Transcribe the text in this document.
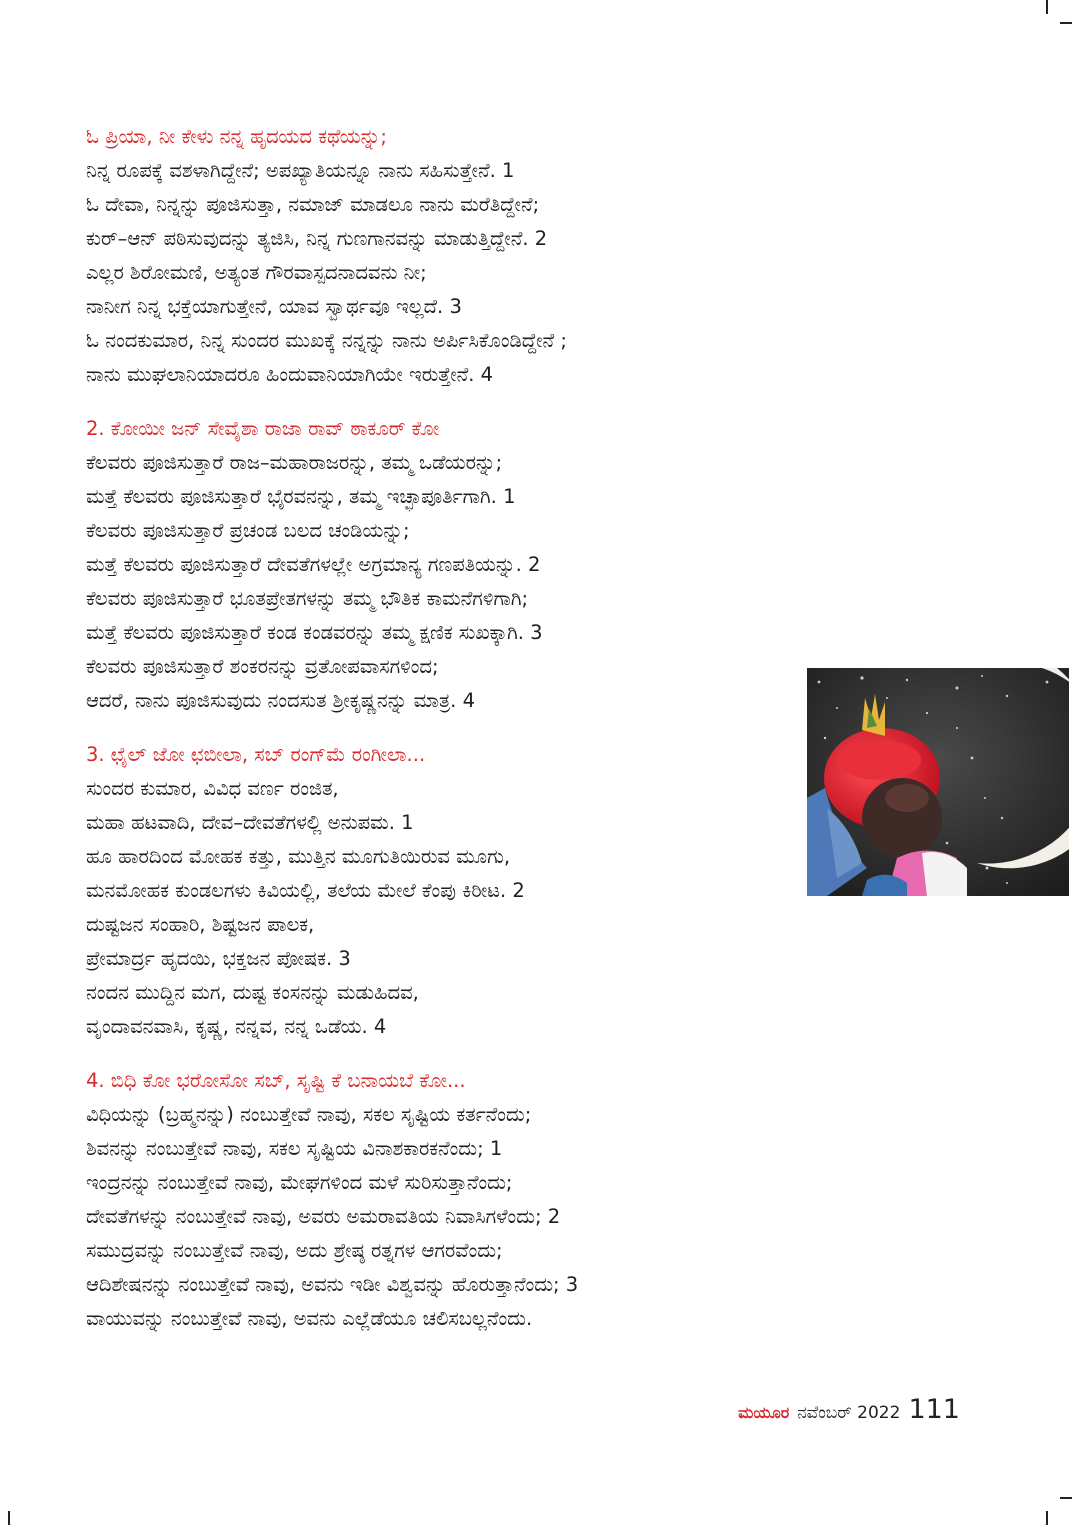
ಓ ಪ್ರಿಯಾ, ನೀ ಕೇಳು ನನ್ನ ಹೃದಯದ ಕಥೆಯನ್ನು;
ನಿನ್ನ ರೂಪಕ್ಕೆ ವಶಳಾಗಿದ್ದೇನೆ; ಅಪಖ್ಯಾತಿಯನ್ನೂ ನಾನು ಸಹಿಸುತ್ತೇನೆ. 1
ಓ ದೇವಾ, ನಿನ್ನನ್ನು ಪೂಜಿಸುತ್ತಾ, ನಮಾಜ್ ಮಾಡಲೂ ನಾನು ಮರೆತಿದ್ದೇನೆ;
ಕುರ್–ಆನ್ ಪಠಿಸುವುದನ್ನು ತ್ಯಜಿಸಿ, ನಿನ್ನ ಗುಣಗಾನವನ್ನು ಮಾಡುತ್ತಿದ್ದೇನೆ. 2
ಎಲ್ಲರ ಶಿರೋಮಣಿ, ಅತ್ಯಂತ ಗೌರವಾಸ್ಪದನಾದವನು ನೀ;
ನಾನೀಗ ನಿನ್ನ ಭಕ್ತೆಯಾಗುತ್ತೇನೆ, ಯಾವ ಸ್ವಾರ್ಥವೂ ಇಲ್ಲದೆ. 3
ಓ ನಂದಕುಮಾರ, ನಿನ್ನ ಸುಂದರ ಮುಖಕ್ಕೆ ನನ್ನನ್ನು ನಾನು ಅರ್ಪಿಸಿಕೊಂಡಿದ್ದೇನೆ ;
ನಾನು ಮುಘಲಾನಿಯಾದರೂ ಹಿಂದುವಾನಿಯಾಗಿಯೇ ಇರುತ್ತೇನೆ. 4
2. ಕೋಯೀ ಜನ್ ಸೇವೈಶಾ ರಾಜಾ ರಾವ್ ಠಾಕೂರ್ ಕೋ
ಕೆಲವರು ಪೂಜಿಸುತ್ತಾರೆ ರಾಜ–ಮಹಾರಾಜರನ್ನು, ತಮ್ಮ ಒಡೆಯರನ್ನು;
ಮತ್ತೆ ಕೆಲವರು ಪೂಜಿಸುತ್ತಾರೆ ಭೈರವನನ್ನು, ತಮ್ಮ ಇಚ್ಛಾಪೂರ್ತಿಗಾಗಿ. 1
ಕೆಲವರು ಪೂಜಿಸುತ್ತಾರೆ ಪ್ರಚಂಡ ಬಲದ ಚಂಡಿಯನ್ನು;
ಮತ್ತೆ ಕೆಲವರು ಪೂಜಿಸುತ್ತಾರೆ ದೇವತೆಗಳಲ್ಲೇ ಅಗ್ರಮಾನ್ಯ ಗಣಪತಿಯನ್ನು. 2
ಕೆಲವರು ಪೂಜಿಸುತ್ತಾರೆ ಭೂತಪ್ರೇತಗಳನ್ನು ತಮ್ಮ ಭೌತಿಕ ಕಾಮನೆಗಳಿಗಾಗಿ;
ಮತ್ತೆ ಕೆಲವರು ಪೂಜಿಸುತ್ತಾರೆ ಕಂಡ ಕಂಡವರನ್ನು ತಮ್ಮ ಕ್ಷಣಿಕ ಸುಖಕ್ಕಾಗಿ. 3
ಕೆಲವರು ಪೂಜಿಸುತ್ತಾರೆ ಶಂಕರನನ್ನು ವ್ರತೋಪವಾಸಗಳಿಂದ;
ಆದರೆ, ನಾನು ಪೂಜಿಸುವುದು ನಂದಸುತ ಶ್ರೀಕೃಷ್ಣನನ್ನು ಮಾತ್ರ. 4
3. ಛೈಲ್ ಜೋ ಛಬೀಲಾ, ಸಬ್ ರಂಗ್‌ಮೆ ರಂಗೀಲಾ...
ಸುಂದರ ಕುಮಾರ, ವಿವಿಧ ವರ್ಣ ರಂಜಿತ,
ಮಹಾ ಹಟವಾದಿ, ದೇವ–ದೇವತೆಗಳಲ್ಲಿ ಅನುಪಮ. 1
ಹೂ ಹಾರದಿಂದ ಮೋಹಕ ಕತ್ತು, ಮುತ್ತಿನ ಮೂಗುತಿಯಿರುವ ಮೂಗು,
ಮನಮೋಹಕ ಕುಂಡಲಗಳು ಕಿವಿಯಲ್ಲಿ, ತಲೆಯ ಮೇಲೆ ಕೆಂಪು ಕಿರೀಟ. 2
ದುಷ್ಟಜನ ಸಂಹಾರಿ, ಶಿಷ್ಟಜನ ಪಾಲಕ,
ಪ್ರೇಮಾರ್ದ್ರ ಹೃದಯಿ, ಭಕ್ತಜನ ಪೋಷಕ. 3
ನಂದನ ಮುದ್ದಿನ ಮಗ, ದುಷ್ಟ ಕಂಸನನ್ನು ಮಡುಹಿದವ,
ವೃಂದಾವನವಾಸಿ, ಕೃಷ್ಣ, ನನ್ನವ, ನನ್ನ ಒಡೆಯ. 4
4. ಬಿಧಿ ಕೋ ಭರೋಸೋ ಸಬ್, ಸೃಷ್ಟಿ ಕೆ ಬನಾಯಬೆ ಕೋ...
ವಿಧಿಯನ್ನು (ಬ್ರಹ್ಮನನ್ನು) ನಂಬುತ್ತೇವೆ ನಾವು, ಸಕಲ ಸೃಷ್ಟಿಯ ಕರ್ತನೆಂದು;
ಶಿವನನ್ನು ನಂಬುತ್ತೇವೆ ನಾವು, ಸಕಲ ಸೃಷ್ಟಿಯ ವಿನಾಶಕಾರಕನೆಂದು; 1
ಇಂದ್ರನನ್ನು ನಂಬುತ್ತೇವೆ ನಾವು, ಮೇಘಗಳಿಂದ ಮಳೆ ಸುರಿಸುತ್ತಾನೆಂದು;
ದೇವತೆಗಳನ್ನು ನಂಬುತ್ತೇವೆ ನಾವು, ಅವರು ಅಮರಾವತಿಯ ನಿವಾಸಿಗಳೆಂದು; 2
ಸಮುದ್ರವನ್ನು ನಂಬುತ್ತೇವೆ ನಾವು, ಅದು ಶ್ರೇಷ್ಠ ರತ್ನಗಳ ಆಗರವೆಂದು;
ಆದಿಶೇಷನನ್ನು ನಂಬುತ್ತೇವೆ ನಾವು, ಅವನು ಇಡೀ ವಿಶ್ವವನ್ನು ಹೊರುತ್ತಾನೆಂದು; 3
ವಾಯುವನ್ನು ನಂಬುತ್ತೇವೆ ನಾವು, ಅವನು ಎಲ್ಲೆಡೆಯೂ ಚಲಿಸಬಲ್ಲನೆಂದು.
ಮಯೂರ ನವೆಂಬರ್ 2022 111
